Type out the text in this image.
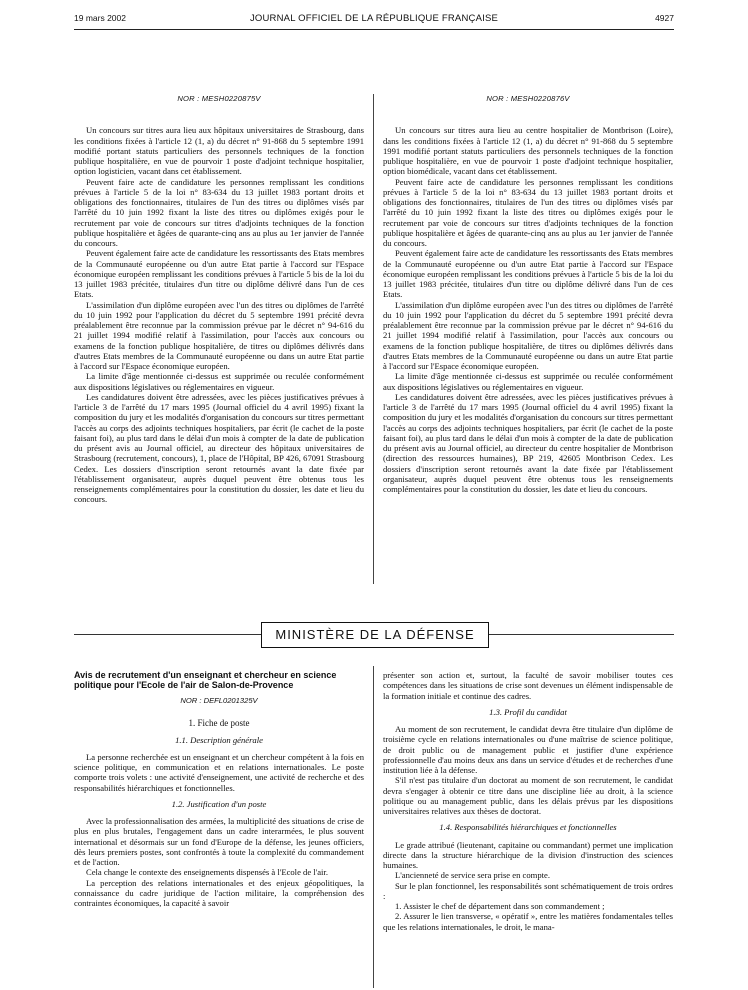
19 mars 2002	JOURNAL OFFICIEL DE LA RÉPUBLIQUE FRANÇAISE	4927
NOR : MESH0220875V

Un concours sur titres aura lieu aux hôpitaux universitaires de Strasbourg, dans les conditions fixées à l'article 12 (1, a) du décret n° 91-868 du 5 septembre 1991 modifié portant statuts particuliers des personnels techniques de la fonction publique hospitalière, en vue de pourvoir 1 poste d'adjoint technique hospitalier, option logisticien, vacant dans cet établissement.

Peuvent faire acte de candidature les personnes remplissant les conditions prévues à l'article 5 de la loi n° 83-634 du 13 juillet 1983 portant droits et obligations des fonctionnaires, titulaires de l'un des titres ou diplômes visés par l'arrêté du 10 juin 1992 fixant la liste des titres ou diplômes exigés pour le recrutement par voie de concours sur titres d'adjoints techniques de la fonction publique hospitalière et âgées de quarante-cinq ans au plus au 1er janvier de l'année du concours.

Peuvent également faire acte de candidature les ressortissants des Etats membres de la Communauté européenne ou d'un autre Etat partie à l'accord sur l'Espace économique européen remplissant les conditions prévues à l'article 5 bis de la loi du 13 juillet 1983 précitée, titulaires d'un titre ou diplôme délivré dans l'un de ces Etats.

L'assimilation d'un diplôme européen avec l'un des titres ou diplômes de l'arrêté du 10 juin 1992 pour l'application du décret du 5 septembre 1991 précité devra préalablement être reconnue par la commission prévue par le décret n° 94-616 du 21 juillet 1994 modifié relatif à l'assimilation, pour l'accès aux concours ou examens de la fonction publique hospitalière, de titres ou diplômes délivrés dans d'autres Etats membres de la Communauté européenne ou dans un autre Etat partie à l'accord sur l'Espace économique européen.

La limite d'âge mentionnée ci-dessus est supprimée ou reculée conformément aux dispositions législatives ou réglementaires en vigueur.

Les candidatures doivent être adressées, avec les pièces justificatives prévues à l'article 3 de l'arrêté du 17 mars 1995 (Journal officiel du 4 avril 1995) fixant la composition du jury et les modalités d'organisation du concours sur titres permettant l'accès au corps des adjoints techniques hospitaliers, par écrit (le cachet de la poste faisant foi), au plus tard dans le délai d'un mois à compter de la date de publication du présent avis au Journal officiel, au directeur des hôpitaux universitaires de Strasbourg (recrutement, concours), 1, place de l'Hôpital, BP 426, 67091 Strasbourg Cedex. Les dossiers d'inscription seront retournés avant la date fixée par l'établissement organisateur, auprès duquel peuvent être obtenus tous les renseignements complémentaires pour la constitution du dossier, les date et lieu du concours.

NOR : MESH0220876V

Un concours sur titres aura lieu au centre hospitalier de Montbrison (Loire), dans les conditions fixées à l'article 12 (1, a) du décret n° 91-868 du 5 septembre 1991 modifié portant statuts particuliers des personnels techniques de la fonction publique hospitalière, en vue de pourvoir 1 poste d'adjoint technique hospitalier, option biomédicale, vacant dans cet établissement.

Peuvent faire acte de candidature les personnes remplissant les conditions prévues à l'article 5 de la loi n° 83-634 du 13 juillet 1983 portant droits et obligations des fonctionnaires, titulaires de l'un des titres ou diplômes visés par l'arrêté du 10 juin 1992 fixant la liste des titres ou diplômes exigés pour le recrutement par voie de concours sur titres d'adjoints techniques de la fonction publique hospitalière et âgées de quarante-cinq ans au plus au 1er janvier de l'année du concours.

Peuvent également faire acte de candidature les ressortissants des Etats membres de la Communauté européenne ou d'un autre Etat partie à l'accord sur l'Espace économique européen remplissant les conditions prévues à l'article 5 bis de la loi du 13 juillet 1983 précitée, titulaires d'un titre ou diplôme délivré dans l'un de ces Etats.

L'assimilation d'un diplôme européen avec l'un des titres ou diplômes de l'arrêté du 10 juin 1992 pour l'application du décret du 5 septembre 1991 précité devra préalablement être reconnue par la commission prévue par le décret n° 94-616 du 21 juillet 1994 modifié relatif à l'assimilation, pour l'accès aux concours ou examens de la fonction publique hospitalière, de titres ou diplômes délivrés dans d'autres Etats membres de la Communauté européenne ou dans un autre Etat partie à l'accord sur l'Espace économique européen.

La limite d'âge mentionnée ci-dessus est supprimée ou reculée conformément aux dispositions législatives ou réglementaires en vigueur.

Les candidatures doivent être adressées, avec les pièces justificatives prévues à l'article 3 de l'arrêté du 17 mars 1995 (Journal officiel du 4 avril 1995) fixant la composition du jury et les modalités d'organisation du concours sur titres permettant l'accès au corps des adjoints techniques hospitaliers, par écrit (le cachet de la poste faisant foi), au plus tard dans le délai d'un mois à compter de la date de publication du présent avis au Journal officiel, au directeur du centre hospitalier de Montbrison (direction des ressources humaines), BP 219, 42605 Montbrison Cedex. Les dossiers d'inscription seront retournés avant la date fixée par l'établissement organisateur, auprès duquel peuvent être obtenus tous les renseignements complémentaires pour la constitution du dossier, les date et lieu du concours.

MINISTÈRE DE LA DÉFENSE

Avis de recrutement d'un enseignant et chercheur en science politique pour l'Ecole de l'air de Salon-de-Provence

NOR : DEFL0201325V

1. Fiche de poste

1.1. Description générale

La personne recherchée est un enseignant et un chercheur compétent à la fois en science politique, en communication et en relations internationales. Le poste comporte trois volets : une activité d'enseignement, une activité de recherche et des responsabilités hiérarchiques et fonctionnelles.

1.2. Justification d'un poste

Avec la professionnalisation des armées, la multiplicité des situations de crise de plus en plus brutales, l'engagement dans un cadre interarmées, le plus souvent international et désormais sur un fond d'Europe de la défense, les jeunes officiers, dès leurs premiers postes, sont confrontés à toute la complexité du commandement et de l'action.

Cela change le contexte des enseignements dispensés à l'Ecole de l'air.

La perception des relations internationales et des enjeux géopolitiques, la connaissance du cadre juridique de l'action militaire, la compréhension des contraintes économiques, la capacité à savoir

présenter son action et, surtout, la faculté de savoir mobiliser toutes ces compétences dans les situations de crise sont devenues un élément indispensable de la formation initiale et continue des cadres.

1.3. Profil du candidat

Au moment de son recrutement, le candidat devra être titulaire d'un diplôme de troisième cycle en relations internationales ou d'une maîtrise de science politique, de droit public ou de management public et justifier d'une expérience professionnelle d'au moins deux ans dans un service d'études et de recherches d'une institution liée à la défense.

S'il n'est pas titulaire d'un doctorat au moment de son recrutement, le candidat devra s'engager à obtenir ce titre dans une discipline liée au droit, à la science politique ou au management public, dans les délais prévus par les dispositions universitaires relatives aux thèses de doctorat.

1.4. Responsabilités hiérarchiques et fonctionnelles

Le grade attribué (lieutenant, capitaine ou commandant) permet une implication directe dans la structure hiérarchique de la division d'instruction des sciences humaines.

L'ancienneté de service sera prise en compte.

Sur le plan fonctionnel, les responsabilités sont schématiquement de trois ordres :

1. Assister le chef de département dans son commandement ;

2. Assurer le lien transverse, « opératif », entre les matières fondamentales telles que les relations internationales, le droit, le mana-
